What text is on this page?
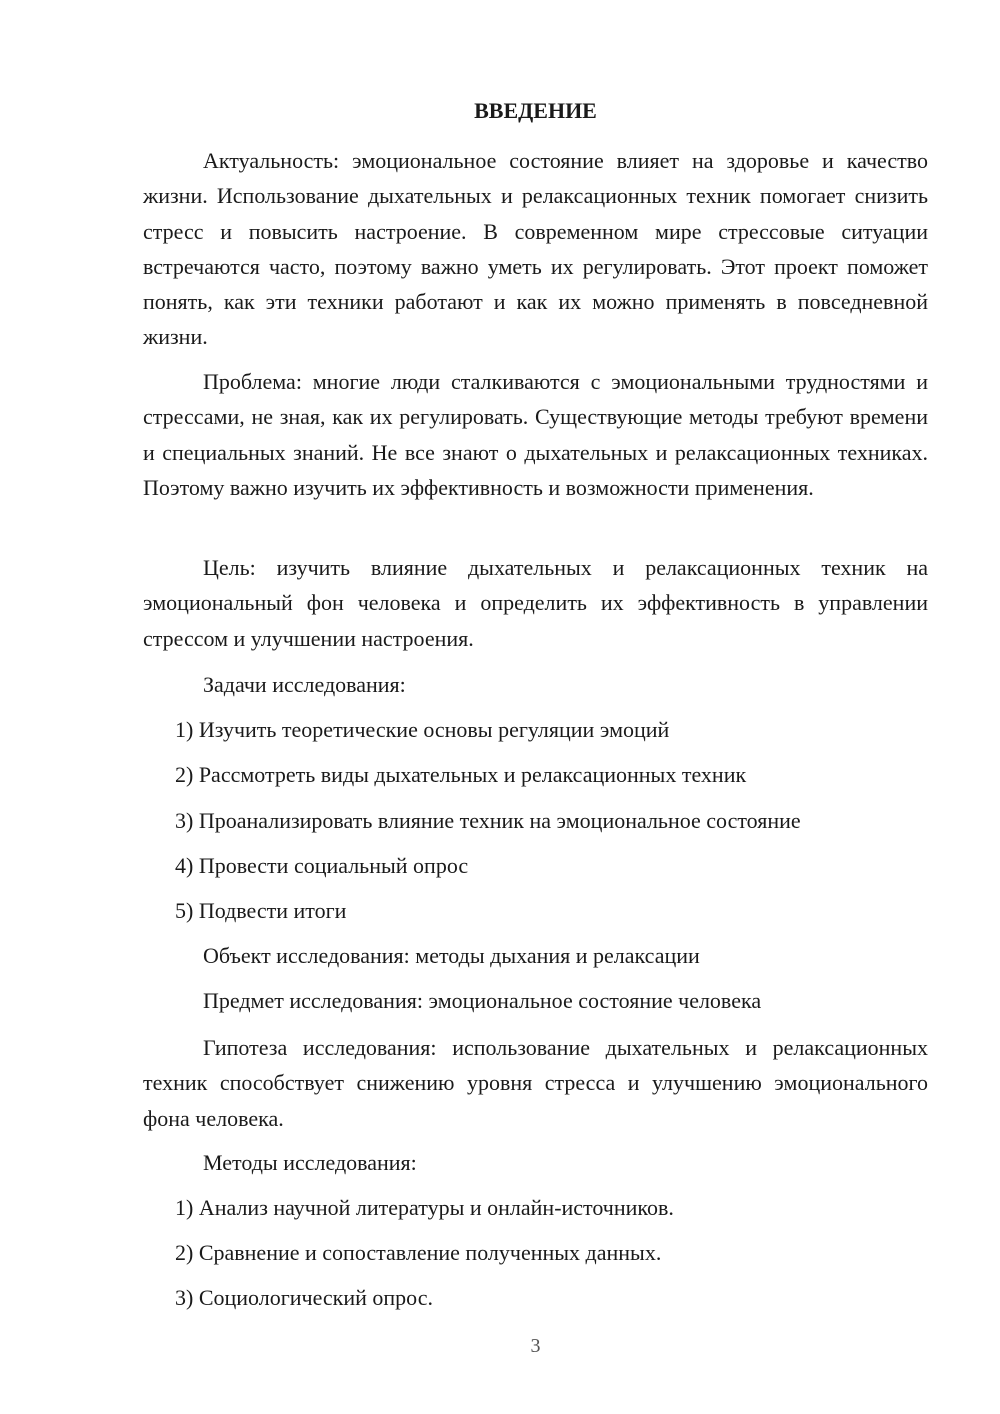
ВВЕДЕНИЕ

Актуальность: эмоциональное состояние влияет на здоровье и качество жизни. Использование дыхательных и релаксационных техник помогает снизить стресс и повысить настроение. В современном мире стрессовые ситуации встречаются часто, поэтому важно уметь их регулировать. Этот проект поможет понять, как эти техники работают и как их можно применять в повседневной жизни.

Проблема: многие люди сталкиваются с эмоциональными трудностями и стрессами, не зная, как их регулировать. Существующие методы требуют времени и специальных знаний. Не все знают о дыхательных и релаксационных техниках. Поэтому важно изучить их эффективность и возможности применения.

Цель: изучить влияние дыхательных и релаксационных техник на эмоциональный фон человека и определить их эффективность в управлении стрессом и улучшении настроения.

Задачи исследования:
1) Изучить теоретические основы регуляции эмоций
2) Рассмотреть виды дыхательных и релаксационных техник
3) Проанализировать влияние техник на эмоциональное состояние
4) Провести социальный опрос
5) Подвести итоги
Объект исследования: методы дыхания и релаксации
Предмет исследования: эмоциональное состояние человека

Гипотеза исследования: использование дыхательных и релаксационных техник способствует снижению уровня стресса и улучшению эмоционального фона человека.

Методы исследования:
1) Анализ научной литературы и онлайн-источников.
2) Сравнение и сопоставление полученных данных.
3) Социологический опрос.
3
